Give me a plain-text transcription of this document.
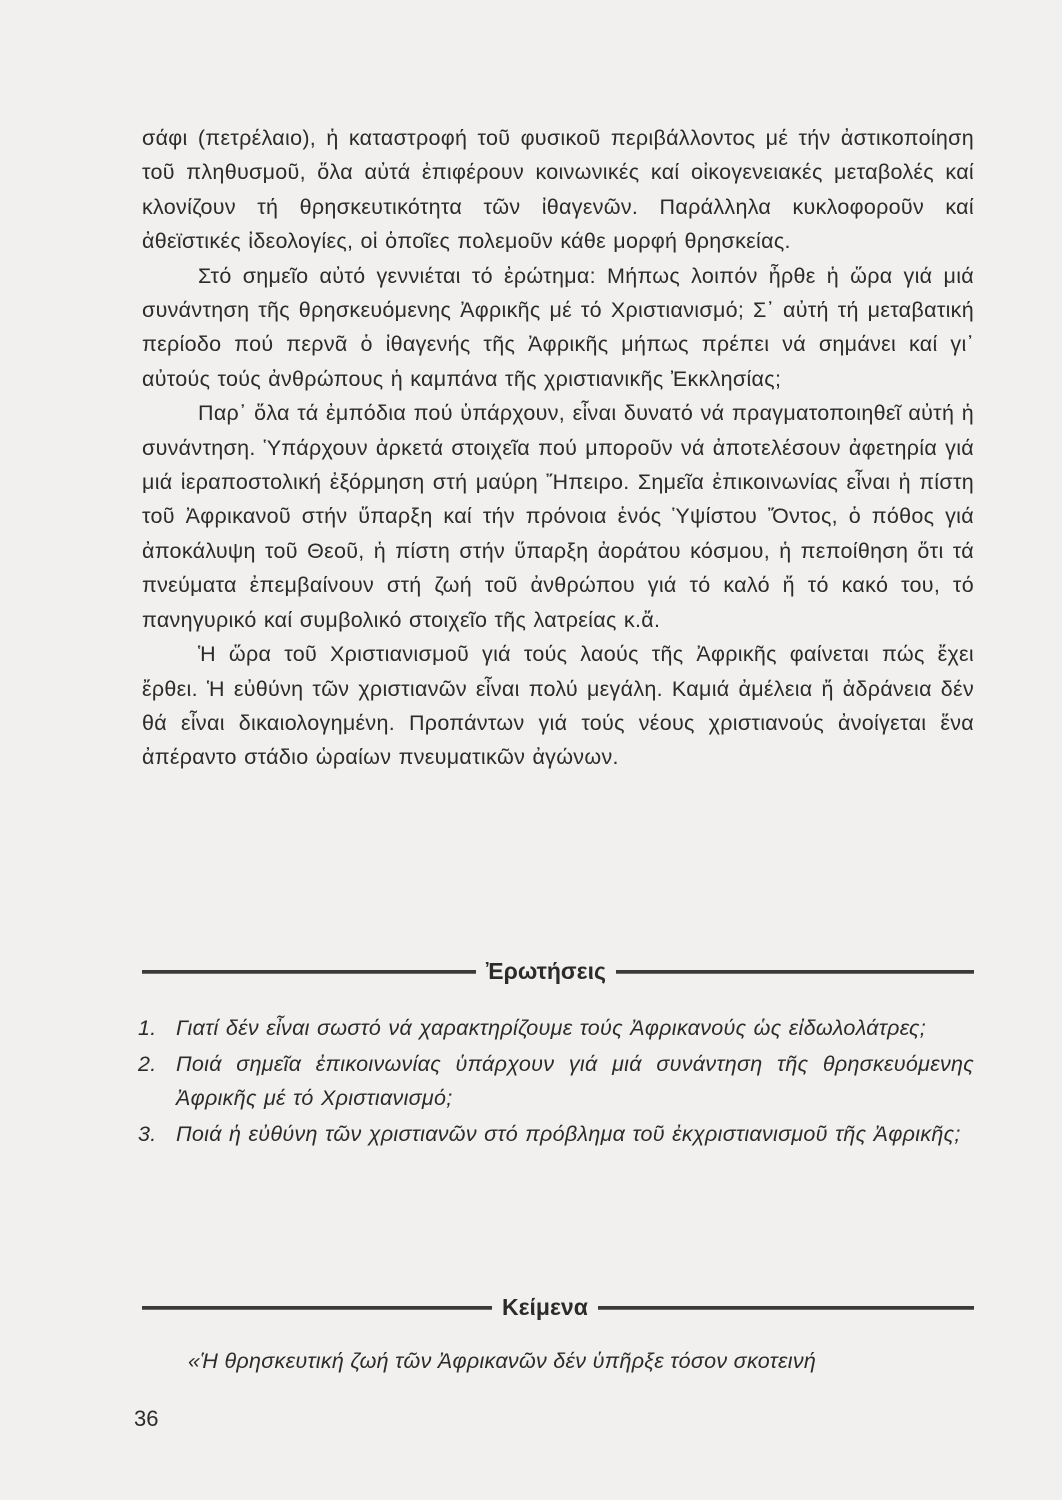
σάφι (πετρέλαιο), ἡ καταστροφή τοῦ φυσικοῦ περιβάλλοντος μέ τήν ἀστικοποίηση τοῦ πληθυσμοῦ, ὅλα αὐτά ἐπιφέρουν κοινωνικές καί οἰκογενειακές μεταβολές καί κλονίζουν τή θρησκευτικότητα τῶν ἰθαγενῶν. Παράλληλα κυκλοφοροῦν καί ἀθεϊστικές ἰδεολογίες, οἱ ὁποῖες πολεμοῦν κάθε μορφή θρησκείας.

Στό σημεῖο αὐτό γεννιέται τό ἐρώτημα: Μήπως λοιπόν ἦρθε ἡ ὥρα γιά μιά συνάντηση τῆς θρησκευόμενης Ἀφρικῆς μέ τό Χριστιανισμό; Σ᾽ αὐτή τή μεταβατική περίοδο πού περνᾶ ὁ ἰθαγενής τῆς Ἀφρικῆς μήπως πρέπει νά σημάνει καί γι᾽ αὐτούς τούς ἀνθρώπους ἡ καμπάνα τῆς χριστιανικῆς Ἐκκλησίας;

Παρ᾽ ὅλα τά ἐμπόδια πού ὑπάρχουν, εἶναι δυνατό νά πραγματοποιηθεῖ αὐτή ἡ συνάντηση. Ὑπάρχουν ἀρκετά στοιχεῖα πού μποροῦν νά ἀποτελέσουν ἀφετηρία γιά μιά ἱεραποστολική ἐξόρμηση στή μαύρη Ἤπειρο. Σημεῖα ἐπικοινωνίας εἶναι ἡ πίστη τοῦ Ἀφρικανοῦ στήν ὕπαρξη καί τήν πρόνοια ἑνός Ὑψίστου Ὄντος, ὁ πόθος γιά ἀποκάλυψη τοῦ Θεοῦ, ἡ πίστη στήν ὕπαρξη ἀοράτου κόσμου, ἡ πεποίθηση ὅτι τά πνεύματα ἐπεμβαίνουν στή ζωή τοῦ ἀνθρώπου γιά τό καλό ἤ τό κακό του, τό πανηγυρικό καί συμβολικό στοιχεῖο τῆς λατρείας κ.ἄ.

Ἡ ὥρα τοῦ Χριστιανισμοῦ γιά τούς λαούς τῆς Ἀφρικῆς φαίνεται πώς ἔχει ἔρθει. Ἡ εὐθύνη τῶν χριστιανῶν εἶναι πολύ μεγάλη. Καμιά ἀμέλεια ἤ ἀδράνεια δέν θά εἶναι δικαιολογημένη. Προπάντων γιά τούς νέους χριστιανούς ἀνοίγεται ἕνα ἀπέραντο στάδιο ὡραίων πνευματικῶν ἀγώνων.

Ἐρωτήσεις
1. Γιατί δέν εἶναι σωστό νά χαρακτηρίζουμε τούς Ἀφρικανούς ὡς εἰδωλολάτρες;
2. Ποιά σημεῖα ἐπικοινωνίας ὑπάρχουν γιά μιά συνάντηση τῆς θρησκευόμενης Ἀφρικῆς μέ τό Χριστιανισμό;
3. Ποιά ἡ εὐθύνη τῶν χριστιανῶν στό πρόβλημα τοῦ ἐκχριστιανισμοῦ τῆς Ἀφρικῆς;
Κείμενα
«Ἡ θρησκευτική ζωή τῶν Ἀφρικανῶν δέν ὑπῆρξε τόσον σκοτεινή
36
